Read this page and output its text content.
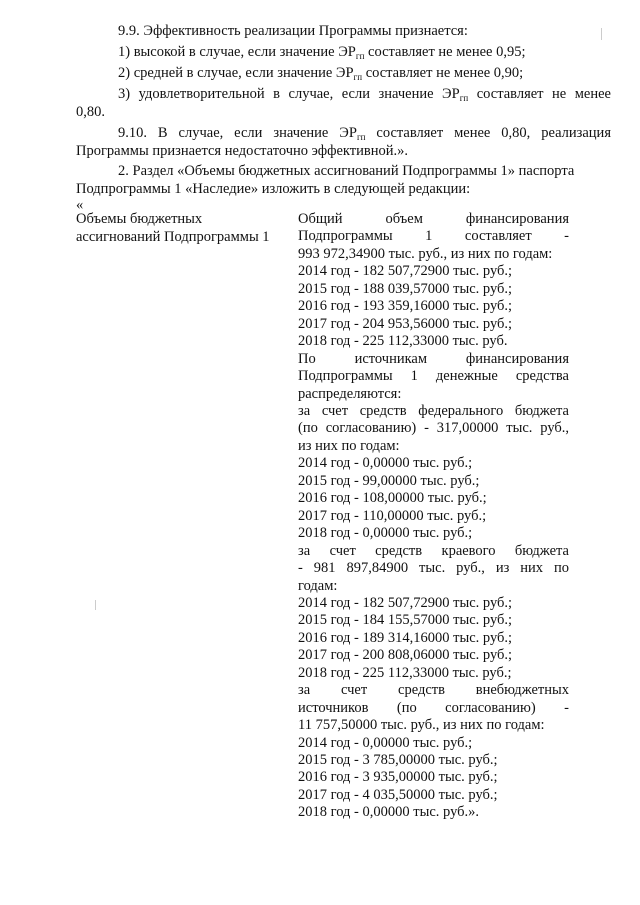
9.9. Эффективность реализации Программы признается:
1) высокой в случае, если значение $ЭР_{гп}$ составляет не менее 0,95;
2) средней в случае, если значение $ЭР_{гп}$ составляет не менее 0,90;
3) удовлетворительной в случае, если значение $ЭР_{гп}$ составляет не менее
0,80.
9.10. В случае, если значение $ЭР_{гп}$ составляет менее 0,80, реализация
Программы признается недостаточно эффективной.».
2. Раздел «Объемы бюджетных ассигнований Подпрограммы 1» паспорта
Подпрограммы 1 «Наследие» изложить в следующей редакции:
«
Объемы бюджетных
ассигнований Подпрограммы 1
Общий объем финансирования
Подпрограммы 1 составляет -
993 972,34900 тыс. руб., из них по годам:
2014 год - 182 507,72900 тыс. руб.;
2015 год - 188 039,57000 тыс. руб.;
2016 год - 193 359,16000 тыс. руб.;
2017 год - 204 953,56000 тыс. руб.;
2018 год - 225 112,33000 тыс. руб.
По источникам финансирования
Подпрограммы 1 денежные средства
распределяются:
за счет средств федерального бюджета
(по согласованию) - 317,00000 тыс. руб.,
из них по годам:
2014 год - 0,00000 тыс. руб.;
2015 год - 99,00000 тыс. руб.;
2016 год - 108,00000 тыс. руб.;
2017 год - 110,00000 тыс. руб.;
2018 год - 0,00000 тыс. руб.;
за счет средств краевого бюджета
- 981 897,84900 тыс. руб., из них по
годам:
2014 год - 182 507,72900 тыс. руб.;
2015 год - 184 155,57000 тыс. руб.;
2016 год - 189 314,16000 тыс. руб.;
2017 год - 200 808,06000 тыс. руб.;
2018 год - 225 112,33000 тыс. руб.;
за счет средств внебюджетных
источников (по согласованию) -
11 757,50000 тыс. руб., из них по годам:
2014 год - 0,00000 тыс. руб.;
2015 год - 3 785,00000 тыс. руб.;
2016 год - 3 935,00000 тыс. руб.;
2017 год - 4 035,50000 тыс. руб.;
2018 год - 0,00000 тыс. руб.».
